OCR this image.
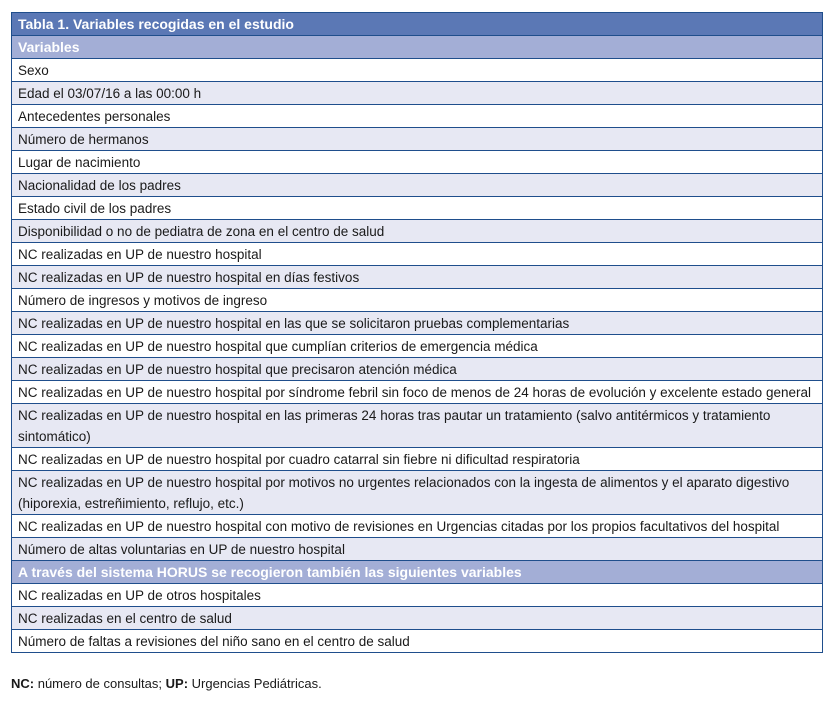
Tabla 1. Variables recogidas en el estudio
Variables
Sexo
Edad el 03/07/16 a las 00:00 h
Antecedentes personales
Número de hermanos
Lugar de nacimiento
Nacionalidad de los padres
Estado civil de los padres
Disponibilidad o no de pediatra de zona en el centro de salud
NC realizadas en UP de nuestro hospital
NC realizadas en UP de nuestro hospital en días festivos
Número de ingresos y motivos de ingreso
NC realizadas en UP de nuestro hospital en las que se solicitaron pruebas complementarias
NC realizadas en UP de nuestro hospital que cumplían criterios de emergencia médica
NC realizadas en UP de nuestro hospital que precisaron atención médica
NC realizadas en UP de nuestro hospital por síndrome febril sin foco de menos de 24 horas de evolución y excelente estado general
NC realizadas en UP de nuestro hospital en las primeras 24 horas tras pautar un tratamiento (salvo antitérmicos y tratamiento sintomático)
NC realizadas en UP de nuestro hospital por cuadro catarral sin fiebre ni dificultad respiratoria
NC realizadas en UP de nuestro hospital por motivos no urgentes relacionados con la ingesta de alimentos y el aparato digestivo (hiporexia, estreñimiento, reflujo, etc.)
NC realizadas en UP de nuestro hospital con motivo de revisiones en Urgencias citadas por los propios facultativos del hospital
Número de altas voluntarias en UP de nuestro hospital
A través del sistema HORUS se recogieron también las siguientes variables
NC realizadas en UP de otros hospitales
NC realizadas en el centro de salud
Número de faltas a revisiones del niño sano en el centro de salud
NC: número de consultas; UP: Urgencias Pediátricas.
